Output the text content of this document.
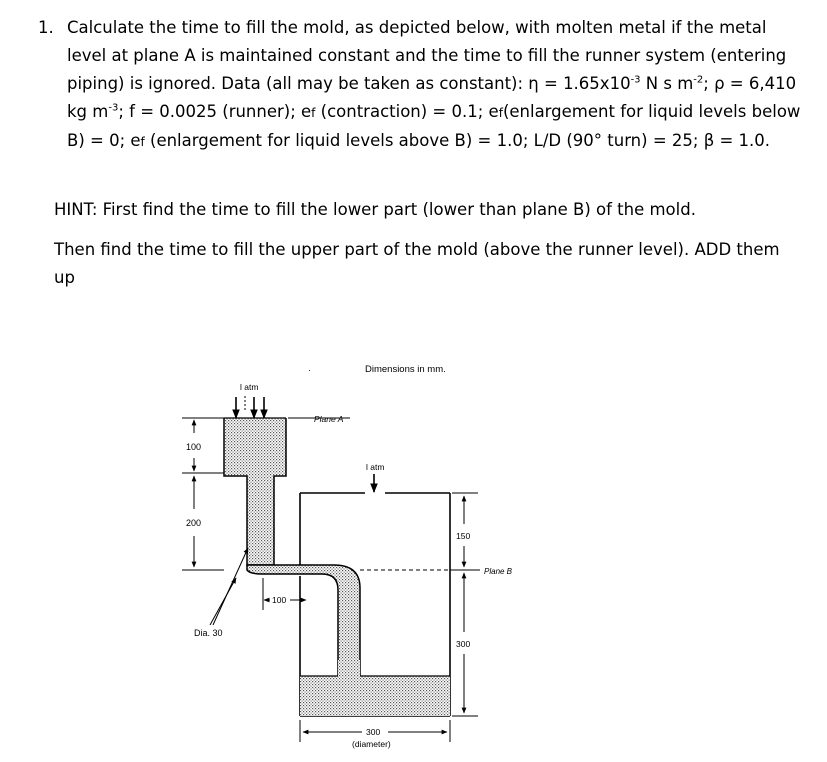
1. Calculate the time to fill the mold, as depicted below, with molten metal if the metal level at plane A is maintained constant and the time to fill the runner system (entering piping) is ignored. Data (all may be taken as constant): $\eta = 1.65x10^{-3}$ N s $m^{-2}$; ρ = 6,410 kg $m^{-3}$; f = 0.0025 (runner); ef (contraction) = 0.1; ef(enlargement for liquid levels below B) = 0; ef (enlargement for liquid levels above B) = 1.0; L/D (90° turn) = 25; β = 1.0.
HINT: First find the time to fill the lower part (lower than plane B) of the mold.
Then find the time to fill the upper part of the mold (above the runner level). ADD them up
Dimensions in mm.
·
l atm
l atm
Plane A
Plane B
100
200
100
Dia. 30
150
300
300
(diameter)
